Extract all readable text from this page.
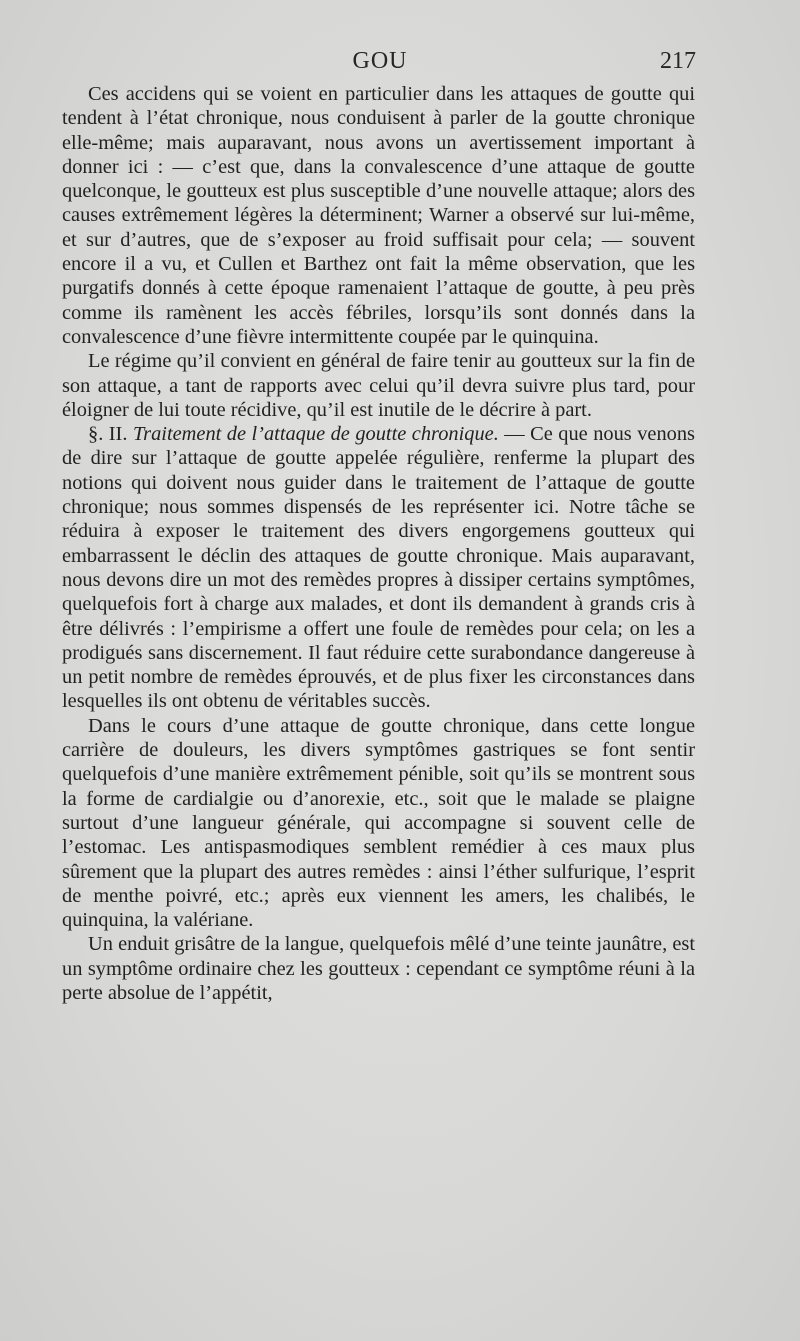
GOU	217

Ces accidens qui se voient en particulier dans les attaques de goutte qui tendent à l’état chronique, nous conduisent à parler de la goutte chronique elle-même; mais auparavant, nous avons un avertissement important à donner ici : — c’est que, dans la convalescence d’une attaque de goutte quelconque, le goutteux est plus susceptible d’une nouvelle attaque; alors des causes extrêmement légères la déterminent; Warner a observé sur lui-même, et sur d’autres, que de s’exposer au froid suffisait pour cela; — souvent encore il a vu, et Cullen et Barthez ont fait la même observation, que les purgatifs donnés à cette époque ramenaient l’attaque de goutte, à peu près comme ils ramènent les accès fébriles, lorsqu’ils sont donnés dans la convalescence d’une fièvre intermittente coupée par le quinquina.

Le régime qu’il convient en général de faire tenir au goutteux sur la fin de son attaque, a tant de rapports avec celui qu’il devra suivre plus tard, pour éloigner de lui toute récidive, qu’il est inutile de le décrire à part.

§. II. Traitement de l’attaque de goutte chronique. — Ce que nous venons de dire sur l’attaque de goutte appelée régulière, renferme la plupart des notions qui doivent nous guider dans le traitement de l’attaque de goutte chronique; nous sommes dispensés de les représenter ici. Notre tâche se réduira à exposer le traitement des divers engorgemens goutteux qui embarrassent le déclin des attaques de goutte chronique. Mais auparavant, nous devons dire un mot des remèdes propres à dissiper certains symptômes, quelquefois fort à charge aux malades, et dont ils demandent à grands cris à être délivrés : l’empirisme a offert une foule de remèdes pour cela; on les a prodigués sans discernement. Il faut réduire cette surabondance dangereuse à un petit nombre de remèdes éprouvés, et de plus fixer les circonstances dans lesquelles ils ont obtenu de véritables succès.

Dans le cours d’une attaque de goutte chronique, dans cette longue carrière de douleurs, les divers symptômes gastriques se font sentir quelquefois d’une manière extrêmement pénible, soit qu’ils se montrent sous la forme de cardialgie ou d’anorexie, etc., soit que le malade se plaigne surtout d’une langueur générale, qui accompagne si souvent celle de l’estomac. Les antispasmodiques semblent remédier à ces maux plus sûrement que la plupart des autres remèdes : ainsi l’éther sulfurique, l’esprit de menthe poivré, etc.; après eux viennent les amers, les chalibés, le quinquina, la valériane.

Un enduit grisâtre de la langue, quelquefois mêlé d’une teinte jaunâtre, est un symptôme ordinaire chez les goutteux : cependant ce symptôme réuni à la perte absolue de l’appétit,
